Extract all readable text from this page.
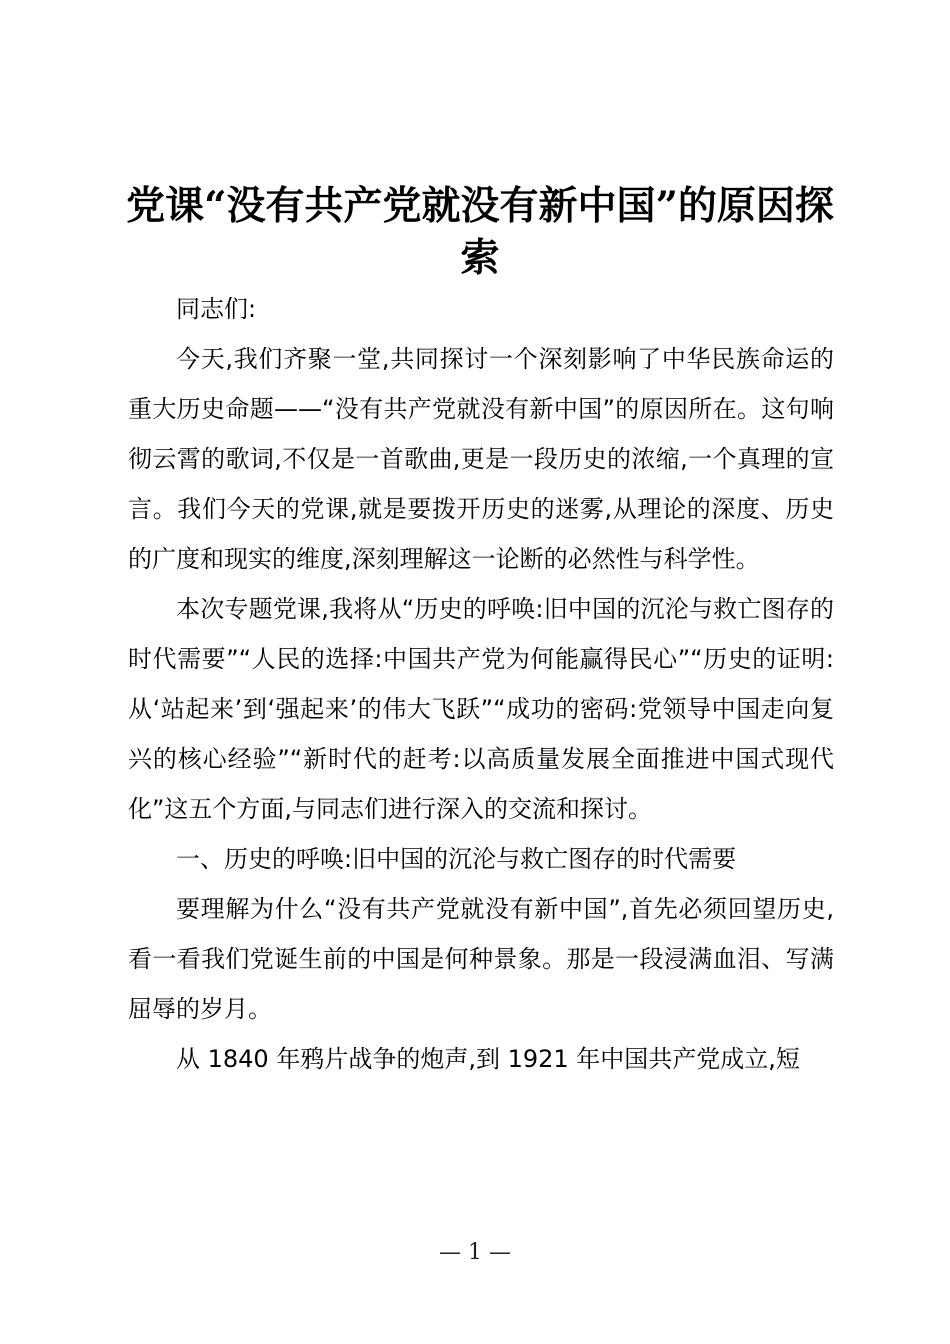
党课“没有共产党就没有新中国”的原因探索

同志们:

今天,我们齐聚一堂,共同探讨一个深刻影响了中华民族命运的重大历史命题——“没有共产党就没有新中国”的原因所在。这句响彻云霄的歌词,不仅是一首歌曲,更是一段历史的浓缩,一个真理的宣言。我们今天的党课,就是要拨开历史的迷雾,从理论的深度、历史的广度和现实的维度,深刻理解这一论断的必然性与科学性。

本次专题党课,我将从“历史的呼唤:旧中国的沉沦与救亡图存的时代需要”“人民的选择:中国共产党为何能赢得民心”“历史的证明:从‘站起来’到‘强起来’的伟大飞跃”“成功的密码:党领导中国走向复兴的核心经验”“新时代的赶考:以高质量发展全面推进中国式现代化”这五个方面,与同志们进行深入的交流和探讨。

一、历史的呼唤:旧中国的沉沦与救亡图存的时代需要

要理解为什么“没有共产党就没有新中国”,首先必须回望历史,看一看我们党诞生前的中国是何种景象。那是一段浸满血泪、写满屈辱的岁月。

从 1840 年鸦片战争的炮声,到 1921 年中国共产党成立,短

— 1 —
